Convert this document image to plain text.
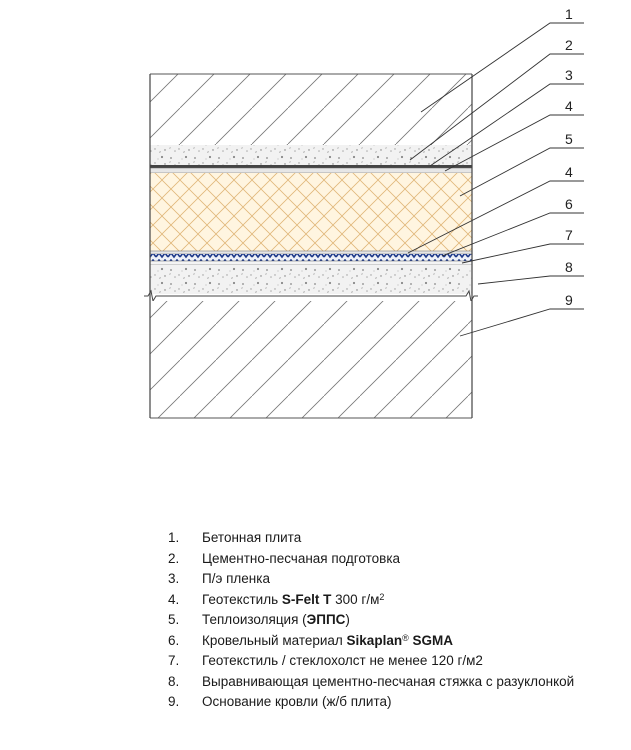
1
2
3
4
5
4
6
7
8
9
1. Бетонная плита
2. Цементно-песчаная подготовка
3. П/э пленка
4. Геотекстиль S-Felt T 300 $г/м^2$
5. Теплоизоляция (ЭППС)
6. Кровельный материал Sikaplan® SGMA
7. Геотекстиль / стеклохолст не менее 120 г/м2
8. Выравнивающая цементно-песчаная стяжка с разуклонкой
9. Основание кровли (ж/б плита)
